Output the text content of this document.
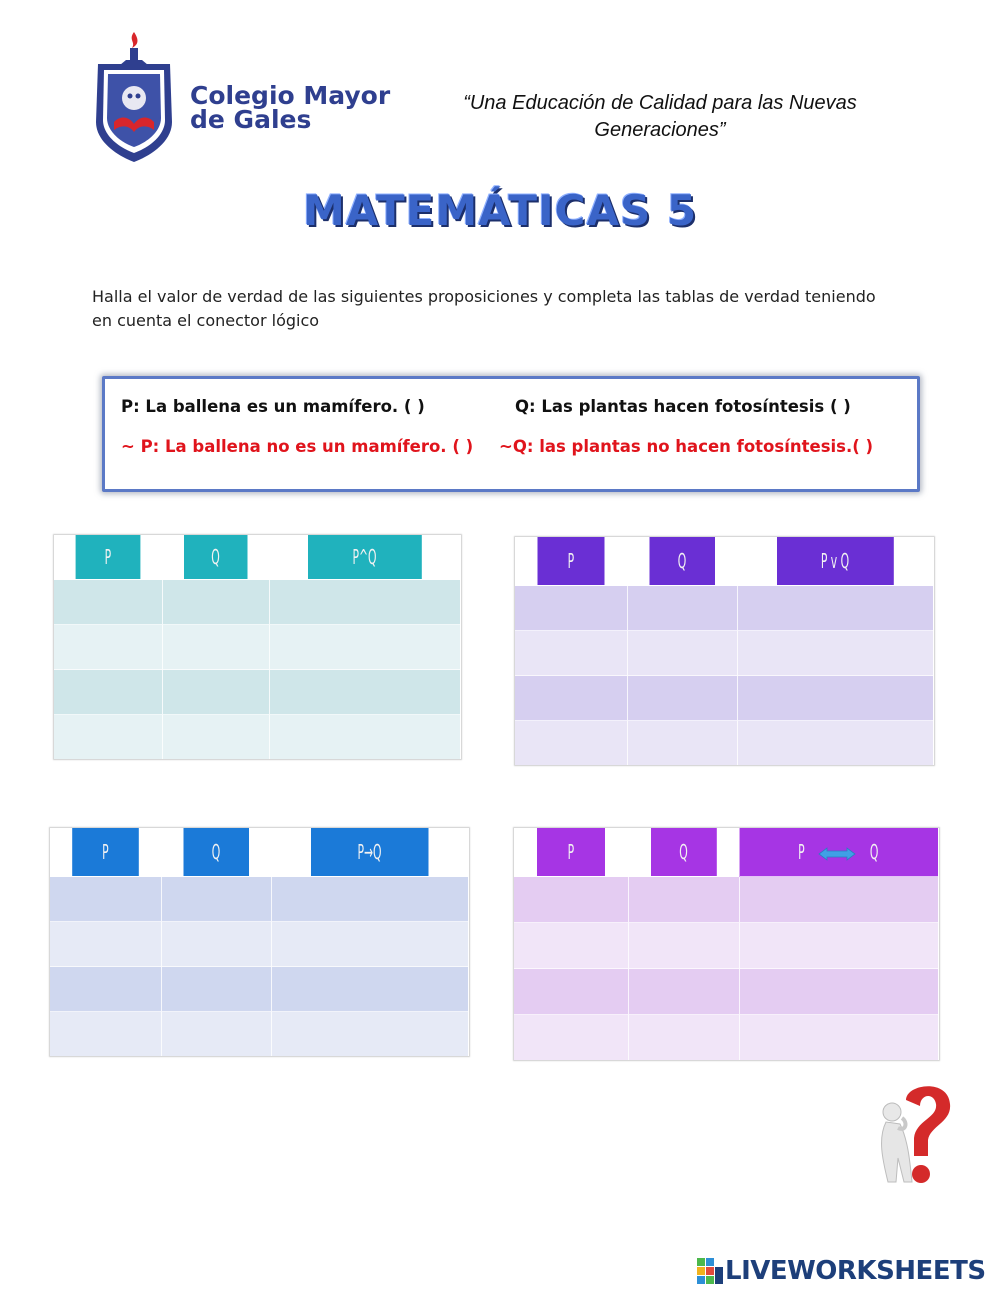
Colegio Mayor
de Gales
“Una Educación de Calidad para las Nuevas Generaciones”
MATEMÁTICAS 5
Halla el valor de verdad de las siguientes proposiciones y completa las tablas de verdad teniendo en cuenta el conector lógico
P: La ballena es un mamífero. ( )	Q: Las plantas hacen fotosíntesis ( )
~ P: La ballena no es un mamífero. ( ) ~Q: las plantas no hacen fotosíntesis.( )
P	Q	P^Q

			P	Q	P v Q

P	Q	P→Q

			P	Q	P Q

LIVEWORKSHEETS
